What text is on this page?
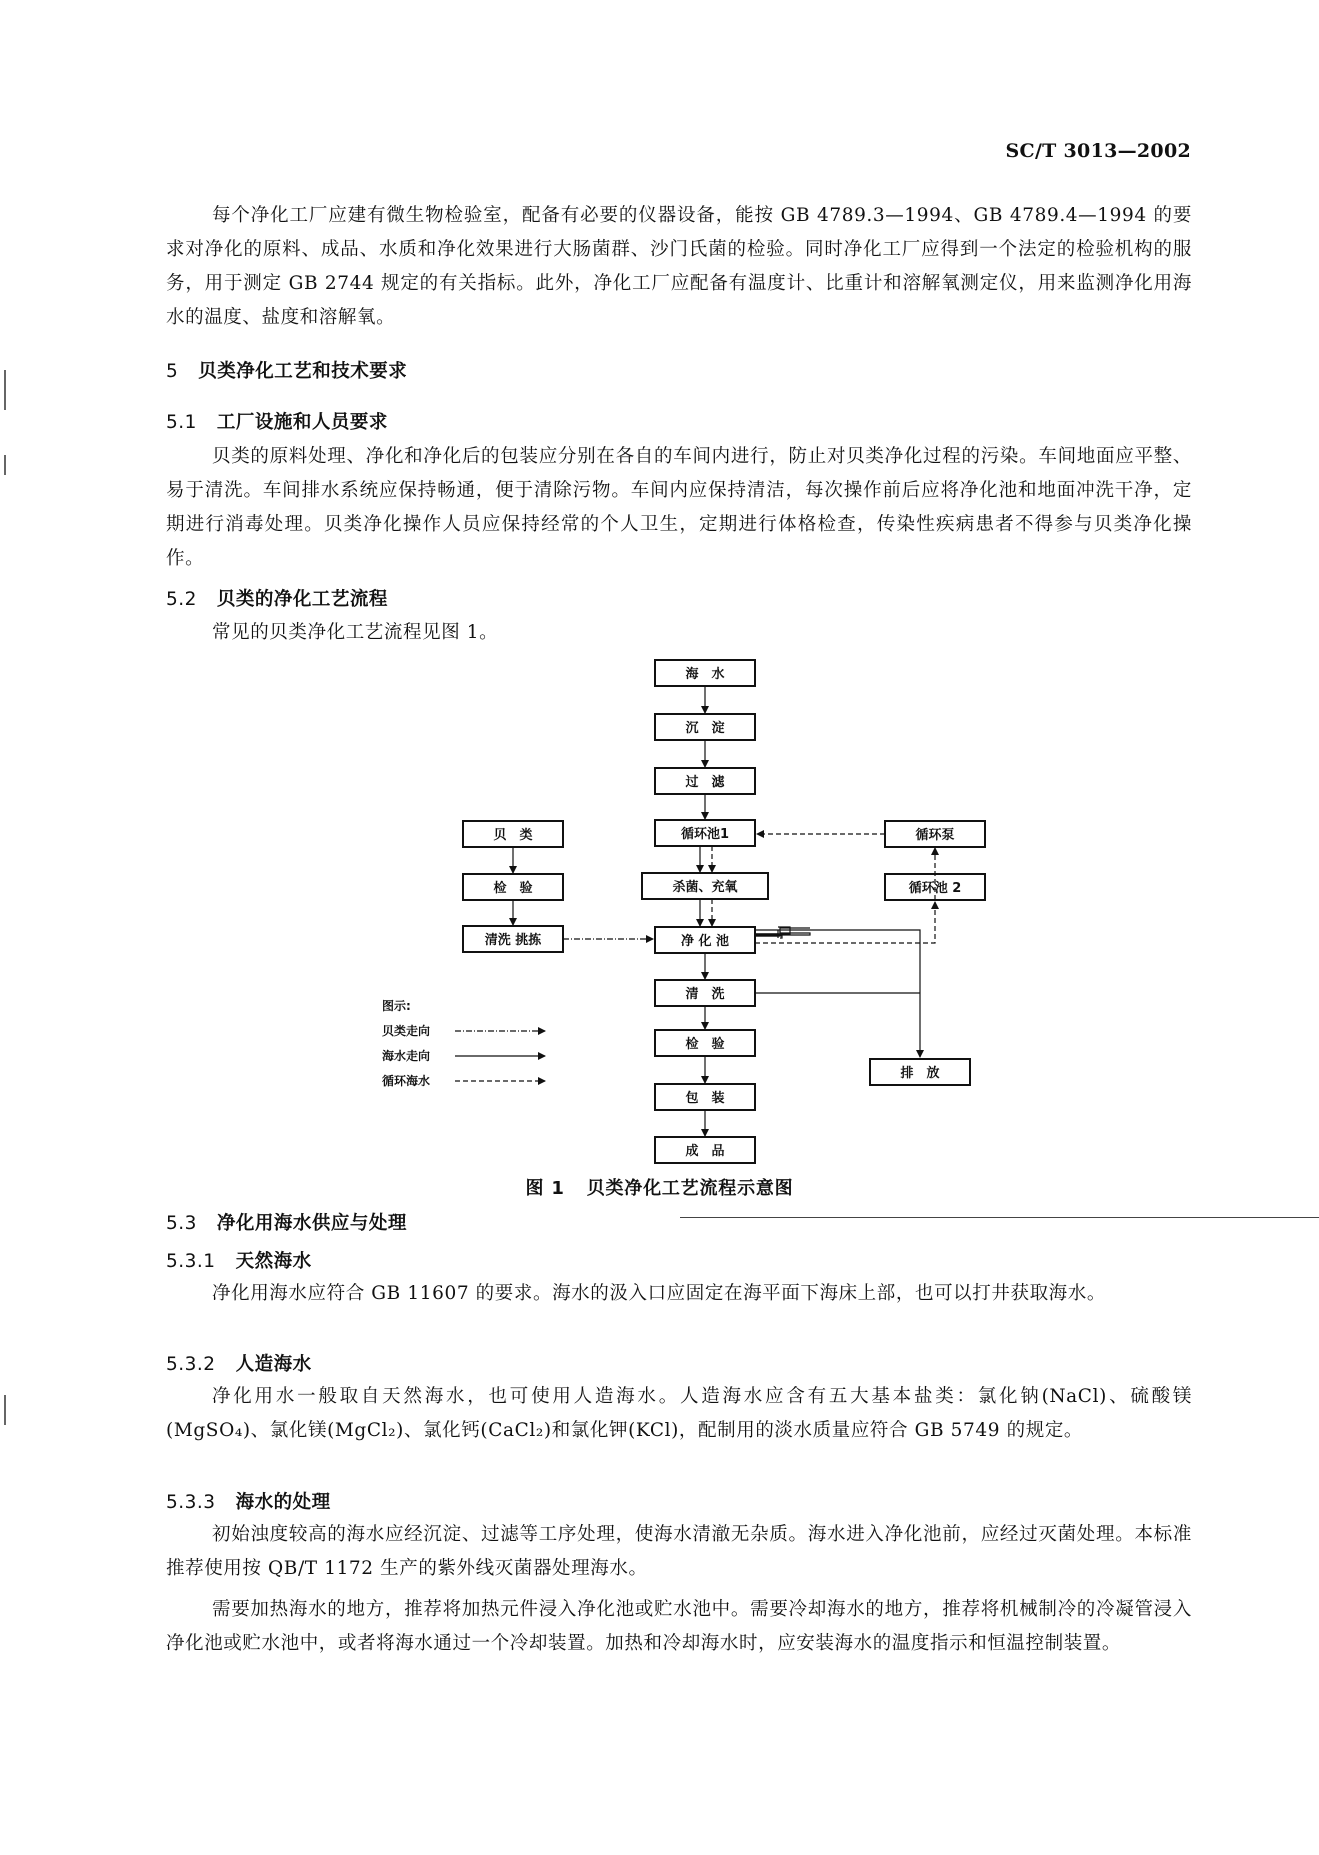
SC/T 3013—2002
每个净化工厂应建有微生物检验室，配备有必要的仪器设备，能按 GB 4789.3—1994、GB 4789.4—1994 的要求对净化的原料、成品、水质和净化效果进行大肠菌群、沙门氏菌的检验。同时净化工厂应得到一个法定的检验机构的服务，用于测定 GB 2744 规定的有关指标。此外，净化工厂应配备有温度计、比重计和溶解氧测定仪，用来监测净化用海水的温度、盐度和溶解氧。
5 贝类净化工艺和技术要求
5.1 工厂设施和人员要求
贝类的原料处理、净化和净化后的包装应分别在各自的车间内进行，防止对贝类净化过程的污染。车间地面应平整、易于清洗。车间排水系统应保持畅通，便于清除污物。车间内应保持清洁，每次操作前后应将净化池和地面冲洗干净，定期进行消毒处理。贝类净化操作人员应保持经常的个人卫生，定期进行体格检查，传染性疾病患者不得参与贝类净化操作。
5.2 贝类的净化工艺流程
常见的贝类净化工艺流程见图 1。
海　水
沉　淀
过　滤
循环池1
杀菌、充氧
净 化 池
清　洗
检　验
包　装
成　品
贝　类
检　验
清洗 挑拣
循环泵
循环池 2
排　放
图示:
贝类走向
海水走向
循环海水
图 1 贝类净化工艺流程示意图
5.3 净化用海水供应与处理
5.3.1 天然海水
净化用海水应符合 GB 11607 的要求。海水的汲入口应固定在海平面下海床上部，也可以打井获取海水。
5.3.2 人造海水
净化用水一般取自天然海水，也可使用人造海水。人造海水应含有五大基本盐类：氯化钠(NaCl)、硫酸镁(MgSO₄)、氯化镁(MgCl₂)、氯化钙(CaCl₂)和氯化钾(KCl)，配制用的淡水质量应符合 GB 5749 的规定。
5.3.3 海水的处理
初始浊度较高的海水应经沉淀、过滤等工序处理，使海水清澈无杂质。海水进入净化池前，应经过灭菌处理。本标准推荐使用按 QB/T 1172 生产的紫外线灭菌器处理海水。
需要加热海水的地方，推荐将加热元件浸入净化池或贮水池中。需要冷却海水的地方，推荐将机械制冷的冷凝管浸入净化池或贮水池中，或者将海水通过一个冷却装置。加热和冷却海水时，应安装海水的温度指示和恒温控制装置。
